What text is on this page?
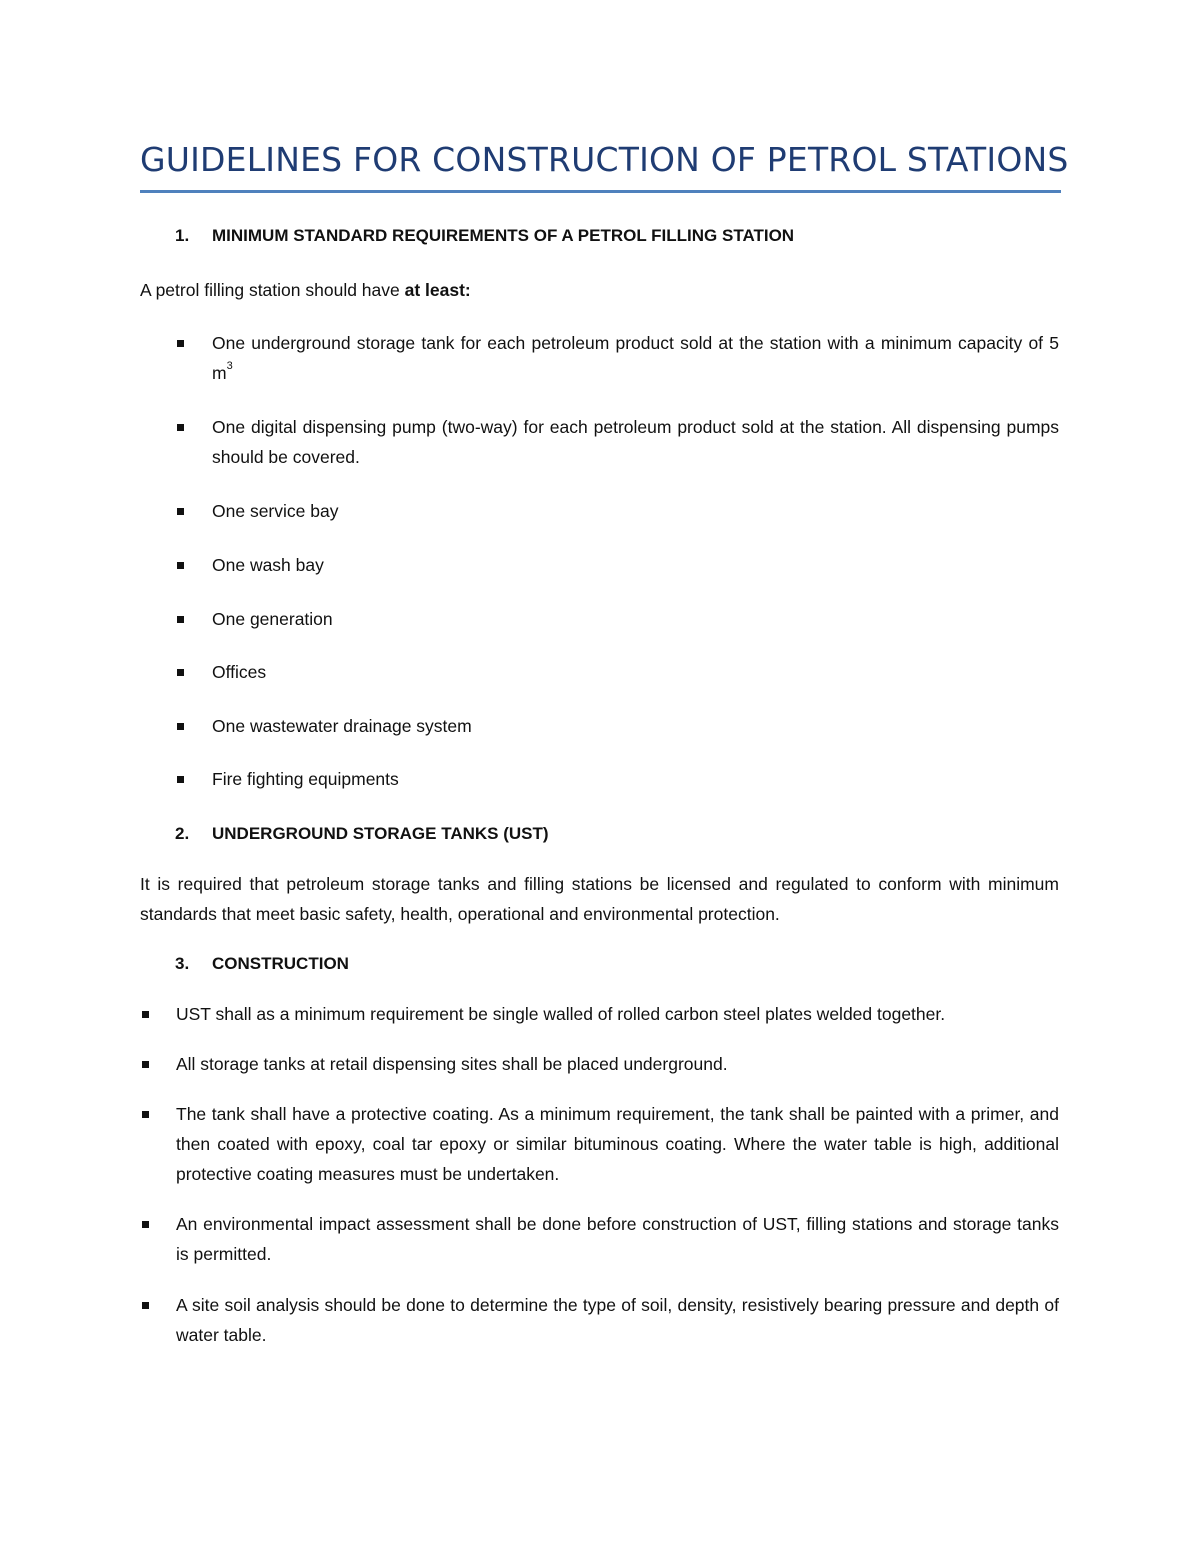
GUIDELINES FOR CONSTRUCTION OF PETROL STATIONS
1. MINIMUM STANDARD REQUIREMENTS OF A PETROL FILLING STATION

A petrol filling station should have at least:

One underground storage tank for each petroleum product sold at the station with a minimum capacity of 5 $m^3$

One digital dispensing pump (two-way) for each petroleum product sold at the station. All dispensing pumps should be covered.

One service bay

One wash bay

One generation

Offices

One wastewater drainage system

Fire fighting equipments

2. UNDERGROUND STORAGE TANKS (UST)

It is required that petroleum storage tanks and filling stations be licensed and regulated to conform with minimum standards that meet basic safety, health, operational and environmental protection.

3. CONSTRUCTION

UST shall as a minimum requirement be single walled of rolled carbon steel plates welded together.

All storage tanks at retail dispensing sites shall be placed underground.

The tank shall have a protective coating. As a minimum requirement, the tank shall be painted with a primer, and then coated with epoxy, coal tar epoxy or similar bituminous coating. Where the water table is high, additional protective coating measures must be undertaken.

An environmental impact assessment shall be done before construction of UST, filling stations and storage tanks is permitted.

A site soil analysis should be done to determine the type of soil, density, resistively bearing pressure and depth of water table.
